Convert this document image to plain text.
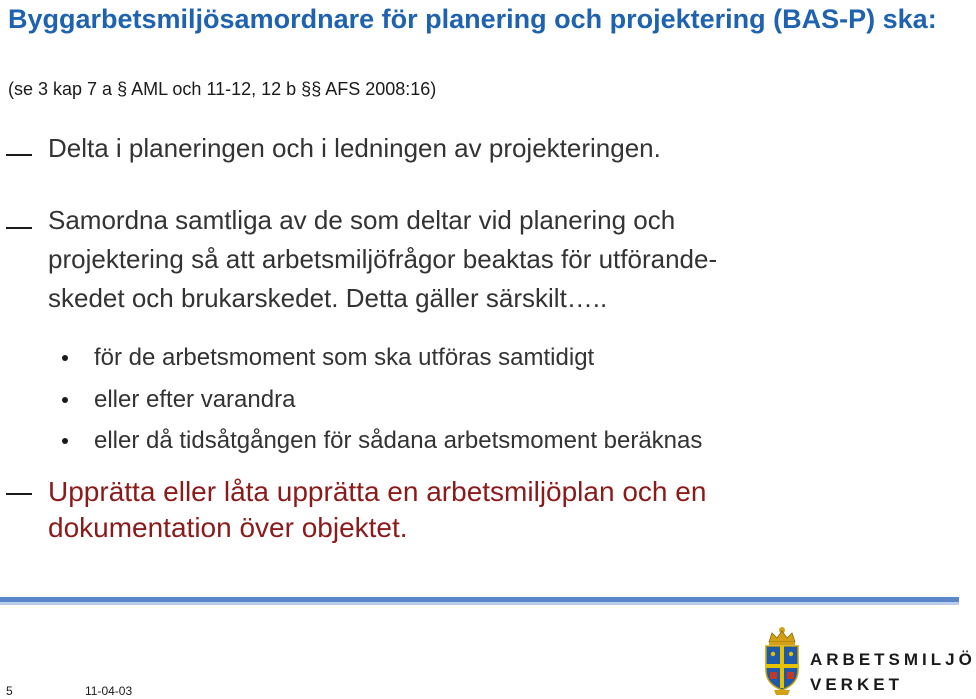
Byggarbetsmiljösamordnare för planering och projektering (BAS-P) ska:
(se 3 kap 7 a § AML och 11-12, 12 b §§ AFS 2008:16)
Delta i planeringen och i ledningen av projekteringen.
Samordna samtliga av de som deltar vid planering och
projektering så att arbetsmiljöfrågor beaktas för utförande-
skedet och brukarskedet. Detta gäller särskilt…..
för de arbetsmoment som ska utföras samtidigt
eller efter varandra
eller då tidsåtgången för sådana arbetsmoment beräknas
Upprätta eller låta upprätta en arbetsmiljöplan och en
dokumentation över objektet.
5	11-04-03
ARBETSMILJÖ
VERKET
